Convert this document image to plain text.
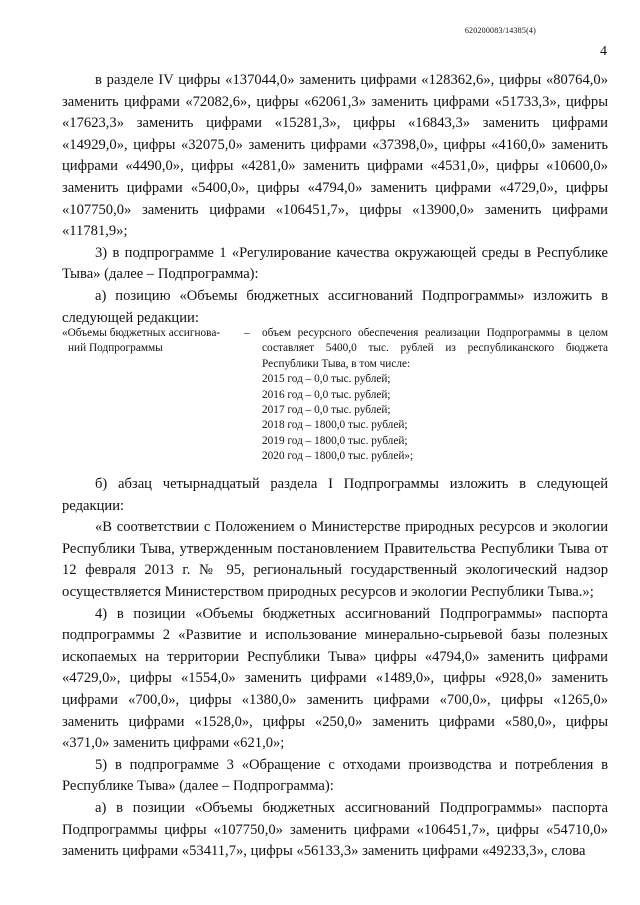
620200083/14385(4)
4

в разделе IV цифры «137044,0» заменить цифрами «128362,6», цифры «80764,0» заменить цифрами «72082,6», цифры «62061,3» заменить цифрами «51733,3», цифры «17623,3» заменить цифрами «15281,3», цифры «16843,3» заменить цифрами «14929,0», цифры «32075,0» заменить цифрами «37398,0», цифры «4160,0» заменить цифрами «4490,0», цифры «4281,0» заменить цифрами «4531,0», цифры «10600,0» заменить цифрами «5400,0», цифры «4794,0» заменить цифрами «4729,0», цифры «107750,0» заменить цифрами «106451,7», цифры «13900,0» заменить цифрами «11781,9»;

3) в подпрограмме 1 «Регулирование качества окружающей среды в Республике Тыва» (далее – Подпрограмма):

а) позицию «Объемы бюджетных ассигнований Подпрограммы» изложить в следующей редакции:

«Объемы бюджетных ассигнова-
ний Подпрограммы
–	объем ресурсного обеспечения реализации Подпрограммы в целом составляет 5400,0 тыс. рублей из республиканского бюджета Республики Тыва, в том числе:

2015 год – 0,0 тыс. рублей;

2016 год – 0,0 тыс. рублей;

2017 год – 0,0 тыс. рублей;

2018 год – 1800,0 тыс. рублей;

2019 год – 1800,0 тыс. рублей;

2020 год – 1800,0 тыс. рублей»;

б) абзац четырнадцатый раздела I Подпрограммы изложить в следующей редакции:

«В соответствии с Положением о Министерстве природных ресурсов и экологии Республики Тыва, утвержденным постановлением Правительства Республики Тыва от 12 февраля 2013 г. № 95, региональный государственный экологический надзор осуществляется Министерством природных ресурсов и экологии Республики Тыва.»;

4) в позиции «Объемы бюджетных ассигнований Подпрограммы» паспорта подпрограммы 2 «Развитие и использование минерально-сырьевой базы полезных ископаемых на территории Республики Тыва» цифры «4794,0» заменить цифрами «4729,0», цифры «1554,0» заменить цифрами «1489,0», цифры «928,0» заменить цифрами «700,0», цифры «1380,0» заменить цифрами «700,0», цифры «1265,0» заменить цифрами «1528,0», цифры «250,0» заменить цифрами «580,0», цифры «371,0» заменить цифрами «621,0»;

5) в подпрограмме 3 «Обращение с отходами производства и потребления в Республике Тыва» (далее – Подпрограмма):

а) в позиции «Объемы бюджетных ассигнований Подпрограммы» паспорта Подпрограммы цифры «107750,0» заменить цифрами «106451,7», цифры «54710,0» заменить цифрами «53411,7», цифры «56133,3» заменить цифрами «49233,3», слова
